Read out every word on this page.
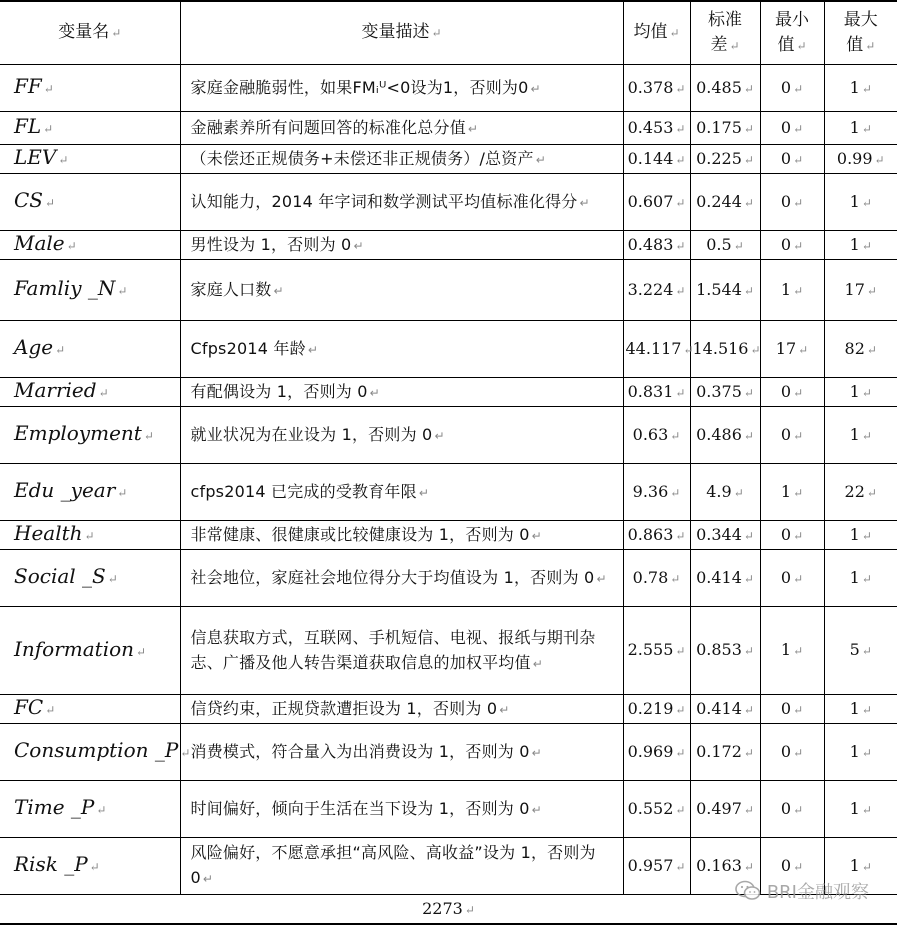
变量名 ↵	变量描述 ↵	均值 ↵	标准差 ↵	最小值 ↵	最大值 ↵
FF ↵	家庭金融脆弱性，如果FMᵢᵁ<0设为1，否则为0 ↵	0.378 ↵	0.485 ↵	0 ↵	1 ↵
FL ↵	金融素养所有问题回答的标准化总分值 ↵	0.453 ↵	0.175 ↵	0 ↵	1 ↵
LEV ↵	（未偿还正规债务+未偿还非正规债务）/总资产 ↵	0.144 ↵	0.225 ↵	0 ↵	0.99 ↵
CS ↵	认知能力，2014 年字词和数学测试平均值标准化得分 ↵	0.607 ↵	0.244 ↵	0 ↵	1 ↵
Male ↵	男性设为 1，否则为 0 ↵	0.483 ↵	0.5 ↵	0 ↵	1 ↵
Famliy _N ↵	家庭人口数 ↵	3.224 ↵	1.544 ↵	1 ↵	17 ↵
Age ↵	Cfps2014 年龄 ↵	44.117 ↵	14.516 ↵	17 ↵	82 ↵
Married ↵	有配偶设为 1，否则为 0 ↵	0.831 ↵	0.375 ↵	0 ↵	1 ↵
Employment ↵	就业状况为在业设为 1，否则为 0 ↵	0.63 ↵	0.486 ↵	0 ↵	1 ↵
Edu _year ↵	cfps2014 已完成的受教育年限 ↵	9.36 ↵	4.9 ↵	1 ↵	22 ↵
Health ↵	非常健康、很健康或比较健康设为 1，否则为 0 ↵	0.863 ↵	0.344 ↵	0 ↵	1 ↵
Social _S ↵	社会地位，家庭社会地位得分大于均值设为 1，否则为 0 ↵	0.78 ↵	0.414 ↵	0 ↵	1 ↵
Information ↵	信息获取方式，互联网、手机短信、电视、报纸与期刊杂志、广播及他人转告渠道获取信息的加权平均值 ↵	2.555 ↵	0.853 ↵	1 ↵	5 ↵
FC ↵	信贷约束，正规贷款遭拒设为 1，否则为 0 ↵	0.219 ↵	0.414 ↵	0 ↵	1 ↵
Consumption _P ↵	消费模式，符合量入为出消费设为 1，否则为 0 ↵	0.969 ↵	0.172 ↵	0 ↵	1 ↵
Time _P ↵	时间偏好，倾向于生活在当下设为 1，否则为 0 ↵	0.552 ↵	0.497 ↵	0 ↵	1 ↵
Risk _P ↵	风险偏好，不愿意承担“高风险、高收益”设为 1，否则为 0 ↵	0.957 ↵	0.163 ↵	0 ↵	1 ↵
2273 ↵					
BRI金融观察
